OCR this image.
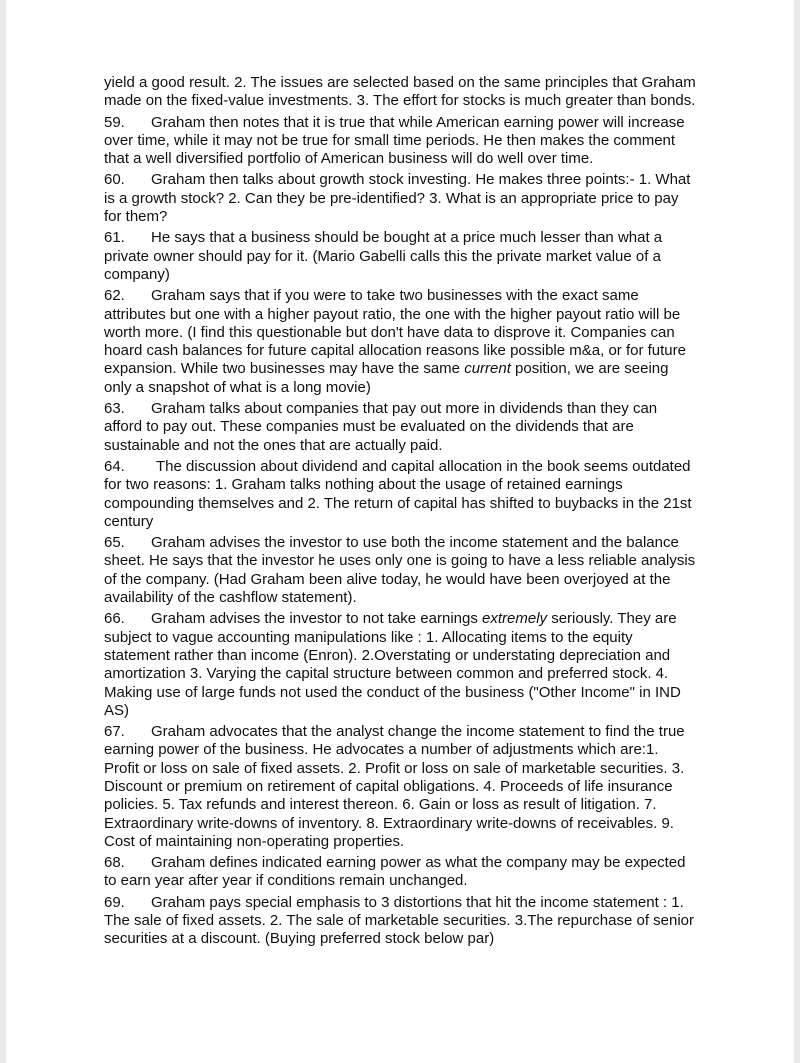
yield a good result. 2. The issues are selected based on the same principles that Graham made on the fixed-value investments. 3. The effort for stocks is much greater than bonds.

59. Graham then notes that it is true that while American earning power will increase over time, while it may not be true for small time periods. He then makes the comment that a well diversified portfolio of American business will do well over time.

60. Graham then talks about growth stock investing. He makes three points:- 1. What is a growth stock? 2. Can they be pre-identified? 3. What is an appropriate price to pay for them?

61. He says that a business should be bought at a price much lesser than what a private owner should pay for it. (Mario Gabelli calls this the private market value of a company)

62. Graham says that if you were to take two businesses with the exact same attributes but one with a higher payout ratio, the one with the higher payout ratio will be worth more. (I find this questionable but don't have data to disprove it. Companies can hoard cash balances for future capital allocation reasons like possible m&a, or for future expansion. While two businesses may have the same current position, we are seeing only a snapshot of what is a long movie)

63. Graham talks about companies that pay out more in dividends than they can afford to pay out. These companies must be evaluated on the dividends that are sustainable and not the ones that are actually paid.

64. The discussion about dividend and capital allocation in the book seems outdated for two reasons: 1. Graham talks nothing about the usage of retained earnings compounding themselves and 2. The return of capital has shifted to buybacks in the 21st century

65. Graham advises the investor to use both the income statement and the balance sheet. He says that the investor he uses only one is going to have a less reliable analysis of the company. (Had Graham been alive today, he would have been overjoyed at the availability of the cashflow statement).

66. Graham advises the investor to not take earnings extremely seriously. They are subject to vague accounting manipulations like : 1. Allocating items to the equity statement rather than income (Enron). 2.Overstating or understating depreciation and amortization 3. Varying the capital structure between common and preferred stock. 4. Making use of large funds not used the conduct of the business ("Other Income" in IND AS)

67. Graham advocates that the analyst change the income statement to find the true earning power of the business. He advocates a number of adjustments which are:1. Profit or loss on sale of fixed assets. 2. Profit or loss on sale of marketable securities. 3. Discount or premium on retirement of capital obligations. 4. Proceeds of life insurance policies. 5. Tax refunds and interest thereon. 6. Gain or loss as result of litigation. 7. Extraordinary write-downs of inventory. 8. Extraordinary write-downs of receivables. 9. Cost of maintaining non-operating properties.

68. Graham defines indicated earning power as what the company may be expected to earn year after year if conditions remain unchanged.

69. Graham pays special emphasis to 3 distortions that hit the income statement : 1. The sale of fixed assets. 2. The sale of marketable securities. 3.The repurchase of senior securities at a discount. (Buying preferred stock below par)
